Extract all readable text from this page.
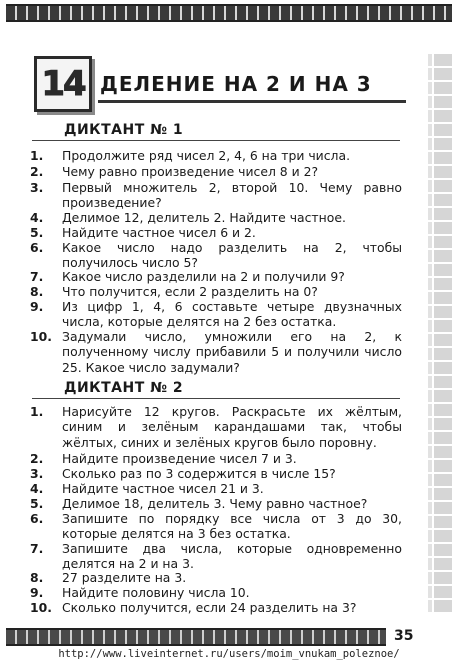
14 ДЕЛЕНИЕ НА 2 И НА 3
ДИКТАНТ № 1
1.	Продолжите ряд чисел 2, 4, 6 на три числа.
2.	Чему равно произведение чисел 8 и 2?
3.	Первый множитель 2, второй 10. Чему равно произведение?
4.	Делимое 12, делитель 2. Найдите частное.
5.	Найдите частное чисел 6 и 2.
6.	Какое число надо разделить на 2, чтобы получилось число 5?
7.	Какое число разделили на 2 и получили 9?
8.	Что получится, если 2 разделить на 0?
9.	Из цифр 1, 4, 6 составьте четыре двузначных числа, которые делятся на 2 без остатка.
10. Задумали число, умножили его на 2, к полученному числу прибавили 5 и получили число 25. Какое число задумали?
ДИКТАНТ № 2
1.	Нарисуйте 12 кругов. Раскрасьте их жёлтым, синим и зелёным карандашами так, чтобы жёлтых, синих и зелёных кругов было поровну.
2.	Найдите произведение чисел 7 и 3.
3.	Сколько раз по 3 содержится в числе 15?
4.	Найдите частное чисел 21 и 3.
5.	Делимое 18, делитель 3. Чему равно частное?
6.	Запишите по порядку все числа от 3 до 30, которые делятся на 3 без остатка.
7.	Запишите два числа, которые одновременно делятся на 2 и на 3.
8.	27 разделите на 3.
9.	Найдите половину числа 10.
10. Сколько получится, если 24 разделить на 3?
35
http://www.liveinternet.ru/users/moim_vnukam_poleznoe/
